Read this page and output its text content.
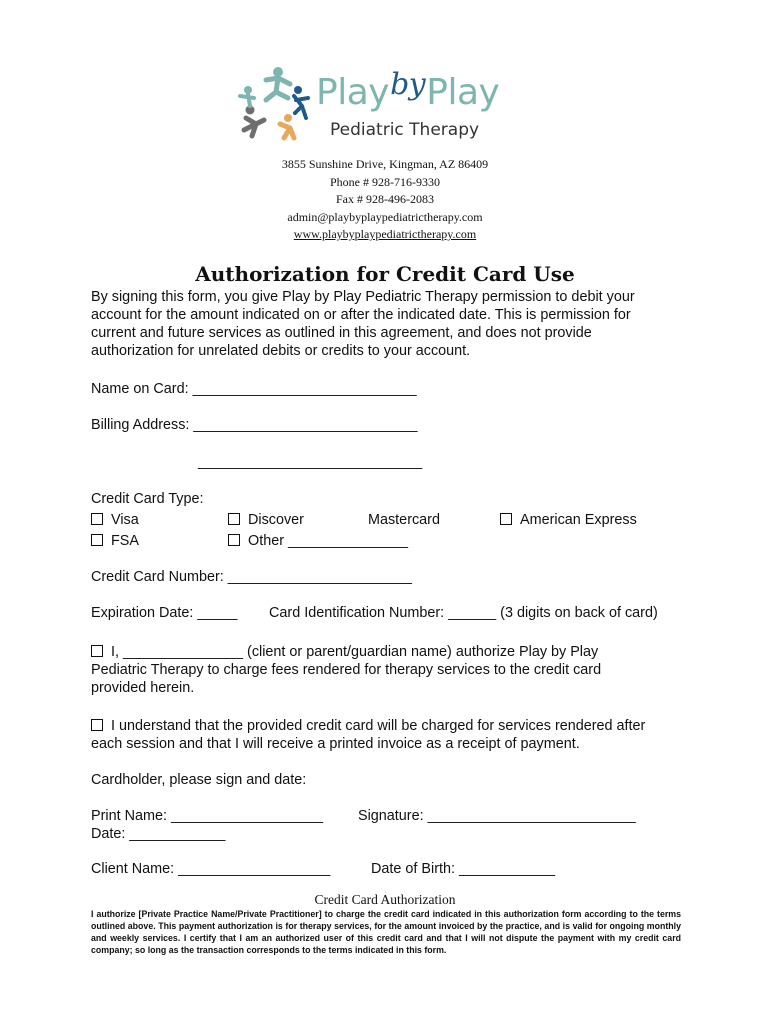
Play$^{by}$Play
Pediatric Therapy
3855 Sunshine Drive, Kingman, AZ 86409
Phone # 928-716-9330
Fax # 928-496-2083
admin@playbyplaypediatrictherapy.com
www.playbyplaypediatrictherapy.com
Authorization for Credit Card Use
By signing this form, you give Play by Play Pediatric Therapy permission to debit your
account for the amount indicated on or after the indicated date. This is permission for
current and future services as outlined in this agreement, and does not provide
authorization for unrelated debits or credits to your account.
Name on Card: ____________________________
Billing Address: ____________________________
____________________________
Credit Card Type:
Visa	Discover	Mastercard	American Express
FSA	Other _______________
Credit Card Number: _______________________
Expiration Date: _____ Card Identification Number: ______ (3 digits on back of card)
I, _______________ (client or parent/guardian name) authorize Play by Play
Pediatric Therapy to charge fees rendered for therapy services to the credit card
provided herein.
I understand that the provided credit card will be charged for services rendered after
each session and that I will receive a printed invoice as a receipt of payment.
Cardholder, please sign and date:
Print Name: ___________________ Signature: __________________________
Date: ____________
Client Name: ___________________	Date of Birth: ____________
Credit Card Authorization
I authorize [Private Practice Name/Private Practitioner] to charge the credit card indicated in this authorization form according to the terms outlined above. This payment authorization is for therapy services, for the amount invoiced by the practice, and is valid for ongoing monthly and weekly services. I certify that I am an authorized user of this credit card and that I will not dispute the payment with my credit card company; so long as the transaction corresponds to the terms indicated in this form.
